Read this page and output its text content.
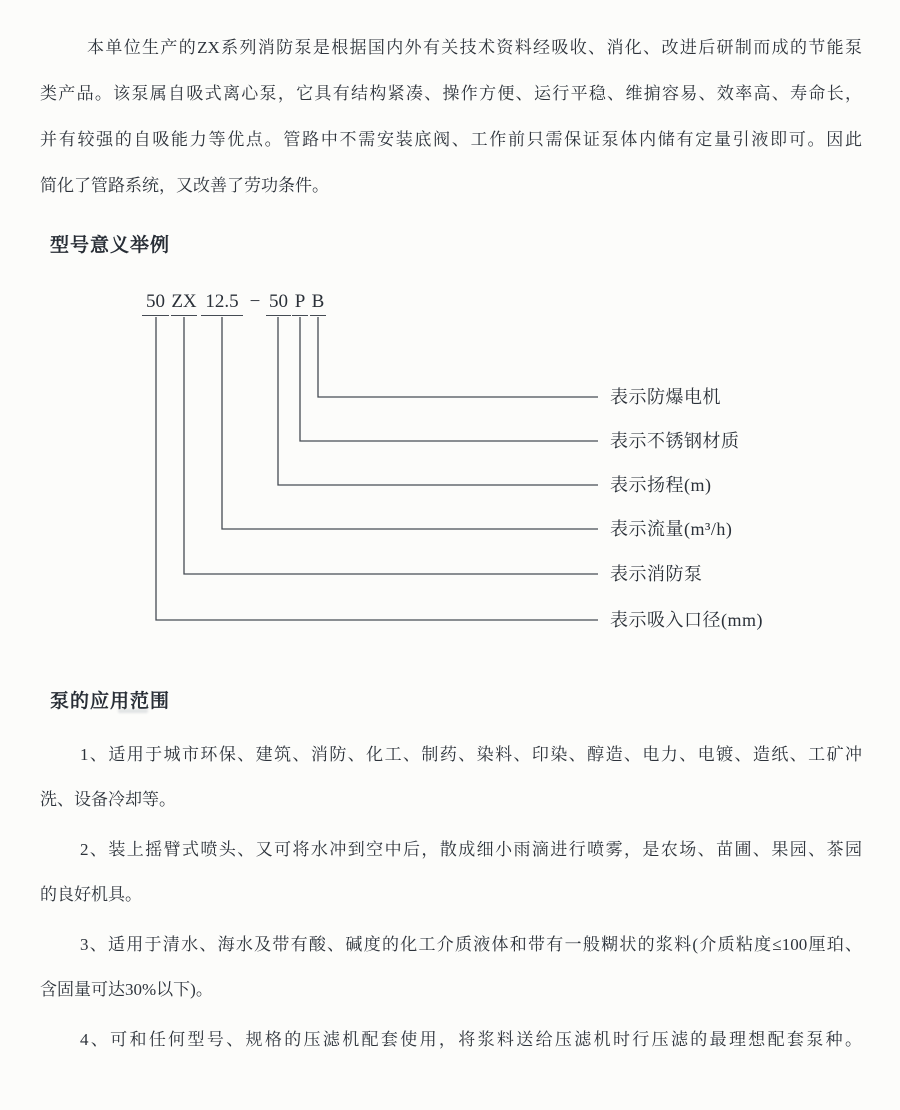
本单位生产的ZX系列消防泵是根据国内外有关技术资料经吸收、消化、改进后研制而成的节能泵
类产品。该泵属自吸式离心泵，它具有结构紧凑、操作方便、运行平稳、维掮容易、效率高、寿命长，
并有较强的自吸能力等优点。管路中不需安装底阀、工作前只需保证泵体内储有定量引液即可。因此
简化了管路系统，又改善了劳功条件。
型号意义举例
50 ZX 12.5 − 50 P B
表示防爆电机
表示不锈钢材质
表示扬程(m)
表示流量(m³/h)
表示消防泵
表示吸入口径(mm)
泵的应用范围
1、适用于城市环保、建筑、消防、化工、制药、染料、印染、醇造、电力、电镀、造纸、工矿冲
洗、设备冷却等。
2、装上摇臂式喷头、又可将水冲到空中后，散成细小雨滴进行喷雾，是农场、苗圃、果园、茶园
的良好机具。
3、适用于清水、海水及带有酸、碱度的化工介质液体和带有一般糊状的浆料(介质粘度≤100厘珀、
含固量可达30%以下)。
4、可和任何型号、规格的压滤机配套使用，将浆料送给压滤机时行压滤的最理想配套泵种。
